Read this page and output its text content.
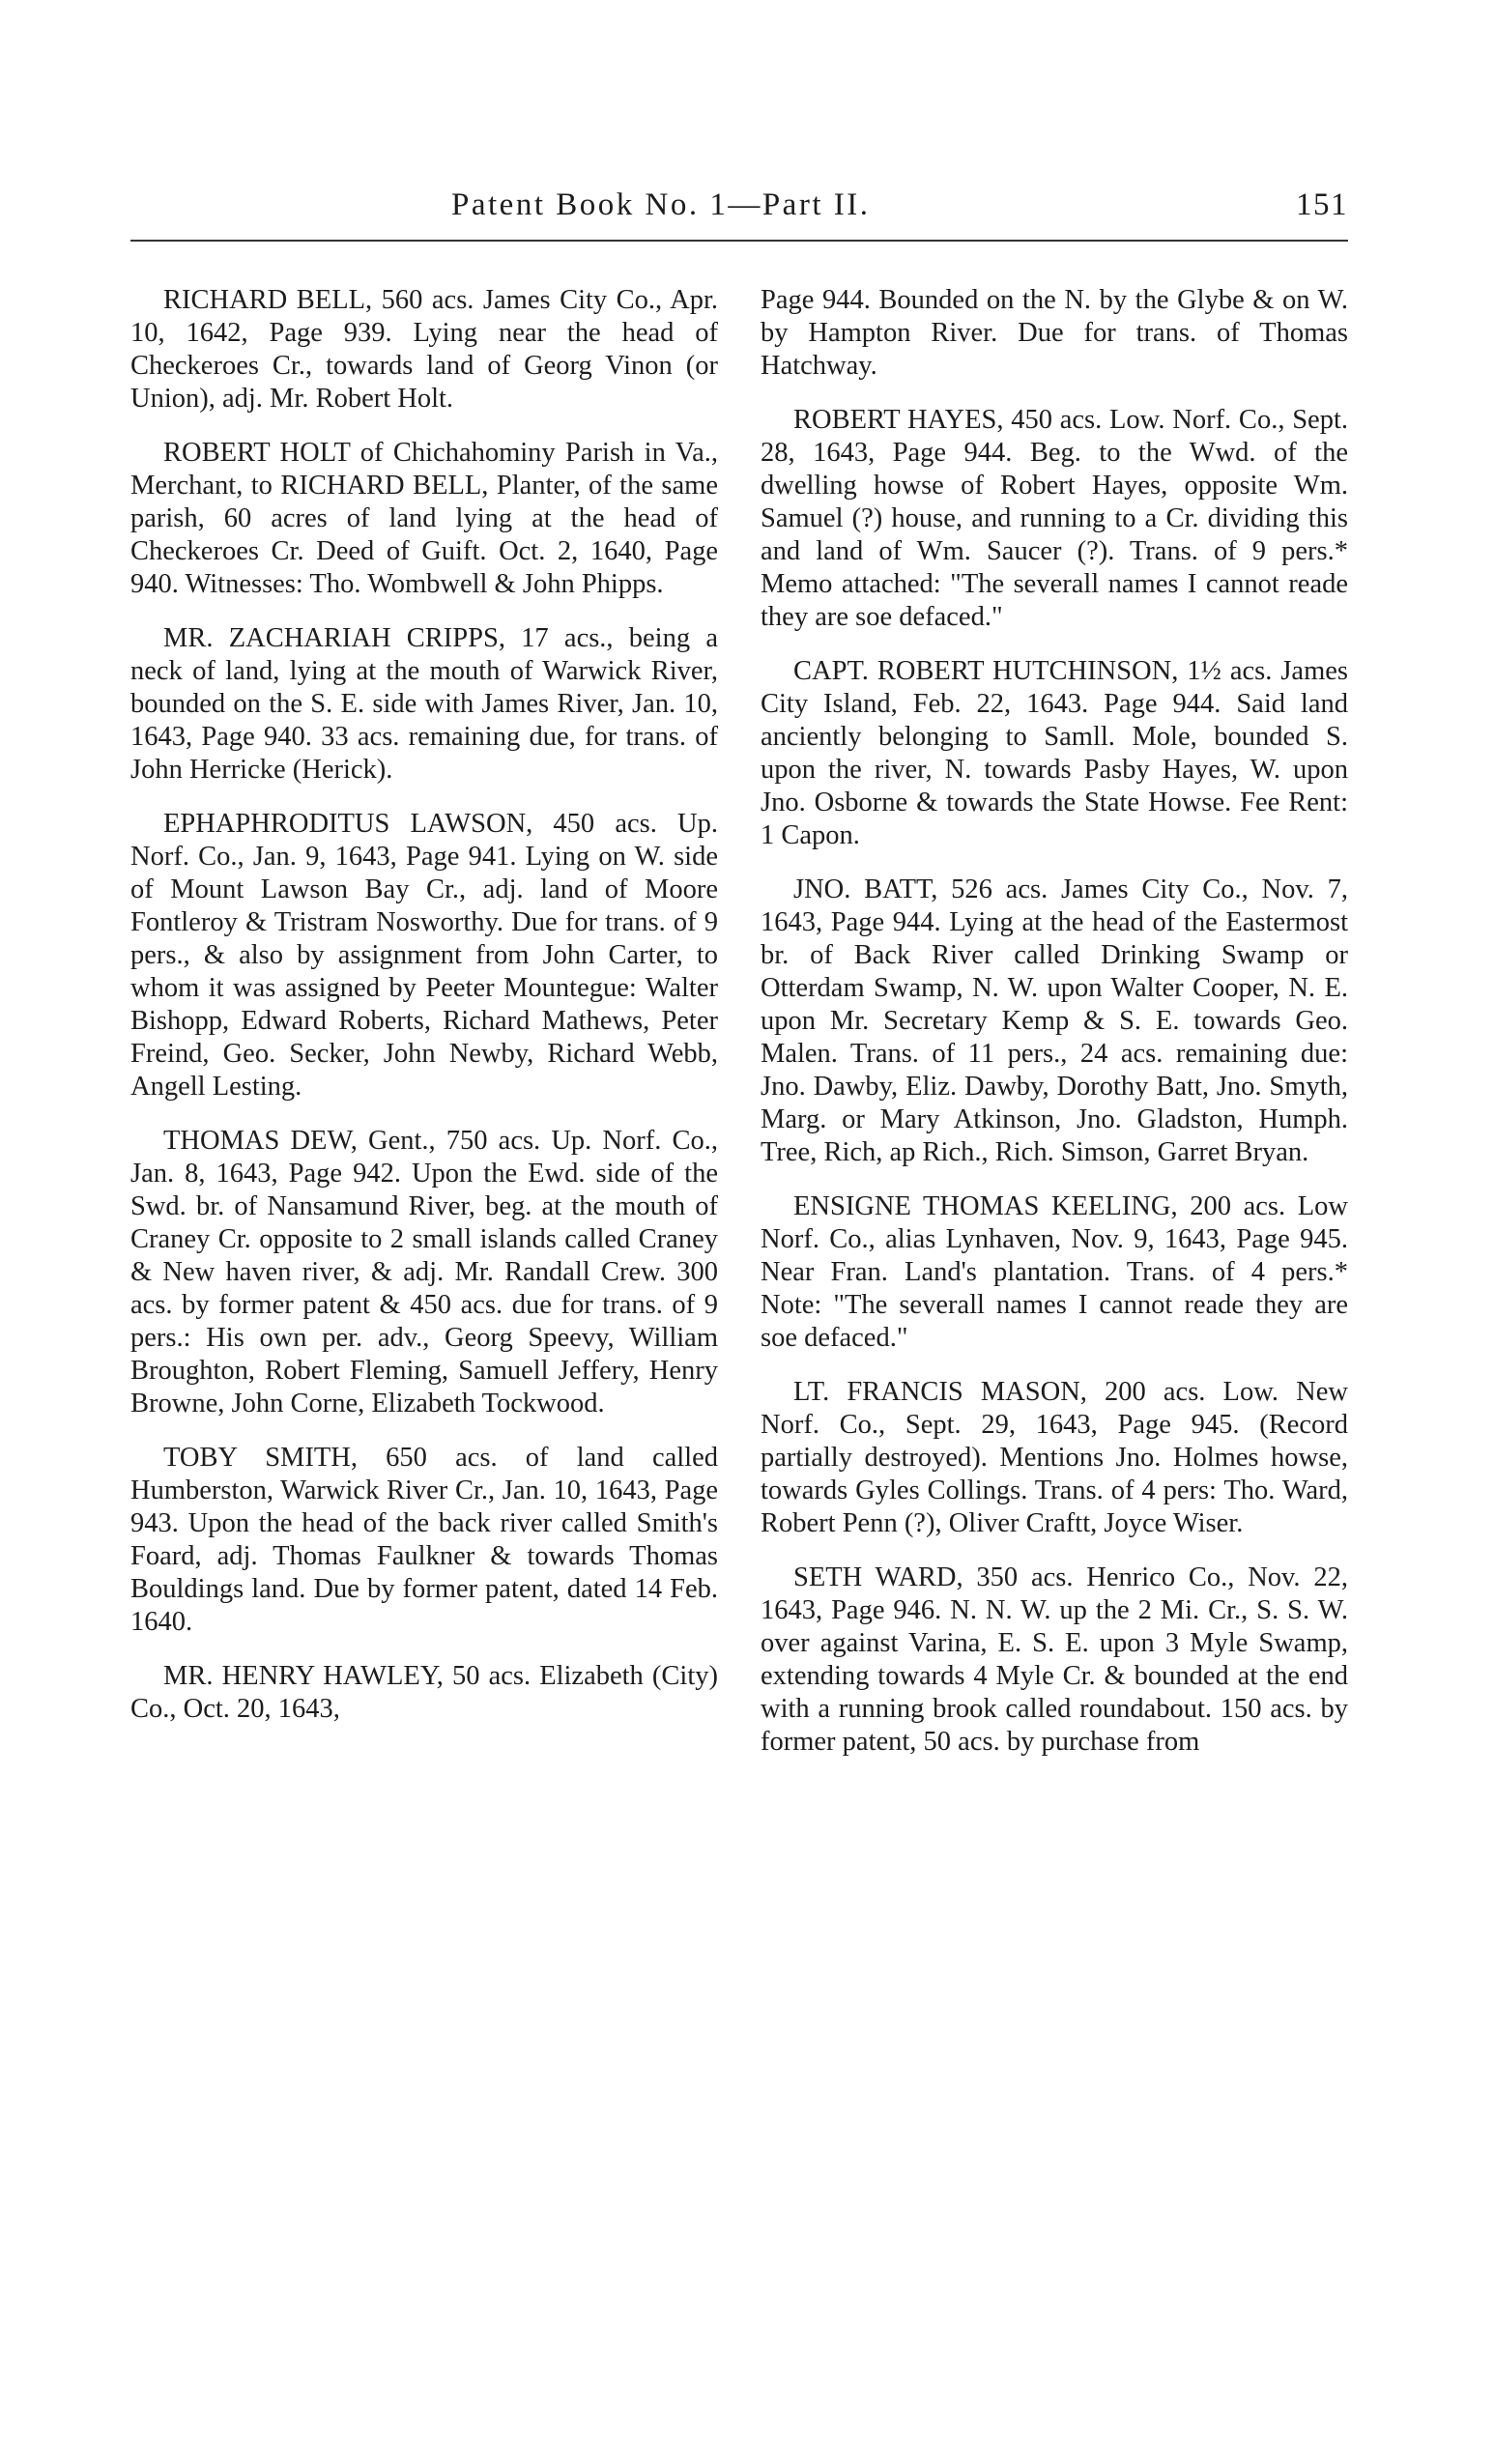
Patent Book No. 1—Part II.	151

RICHARD BELL, 560 acs. James City Co., Apr. 10, 1642, Page 939. Lying near the head of Checkeroes Cr., towards land of Georg Vinon (or Union), adj. Mr. Robert Holt.

ROBERT HOLT of Chichahominy Parish in Va., Merchant, to RICHARD BELL, Planter, of the same parish, 60 acres of land lying at the head of Checkeroes Cr. Deed of Guift. Oct. 2, 1640, Page 940. Witnesses: Tho. Wombwell & John Phipps.

MR. ZACHARIAH CRIPPS, 17 acs., being a neck of land, lying at the mouth of Warwick River, bounded on the S. E. side with James River, Jan. 10, 1643, Page 940. 33 acs. remaining due, for trans. of John Herricke (Herick).

EPHAPHRODITUS LAWSON, 450 acs. Up. Norf. Co., Jan. 9, 1643, Page 941. Lying on W. side of Mount Lawson Bay Cr., adj. land of Moore Fontleroy & Tristram Nosworthy. Due for trans. of 9 pers., & also by assignment from John Carter, to whom it was assigned by Peeter Mountegue: Walter Bishopp, Edward Roberts, Richard Mathews, Peter Freind, Geo. Secker, John Newby, Richard Webb, Angell Lesting.

THOMAS DEW, Gent., 750 acs. Up. Norf. Co., Jan. 8, 1643, Page 942. Upon the Ewd. side of the Swd. br. of Nansamund River, beg. at the mouth of Craney Cr. opposite to 2 small islands called Craney & New haven river, & adj. Mr. Randall Crew. 300 acs. by former patent & 450 acs. due for trans. of 9 pers.: His own per. adv., Georg Speevy, William Broughton, Robert Fleming, Samuell Jeffery, Henry Browne, John Corne, Elizabeth Tockwood.

TOBY SMITH, 650 acs. of land called Humberston, Warwick River Cr., Jan. 10, 1643, Page 943. Upon the head of the back river called Smith's Foard, adj. Thomas Faulkner & towards Thomas Bouldings land. Due by former patent, dated 14 Feb. 1640.

MR. HENRY HAWLEY, 50 acs. Elizabeth (City) Co., Oct. 20, 1643,

Page 944. Bounded on the N. by the Glybe & on W. by Hampton River. Due for trans. of Thomas Hatchway.

ROBERT HAYES, 450 acs. Low. Norf. Co., Sept. 28, 1643, Page 944. Beg. to the Wwd. of the dwelling howse of Robert Hayes, opposite Wm. Samuel (?) house, and running to a Cr. dividing this and land of Wm. Saucer (?). Trans. of 9 pers.* Memo attached: "The severall names I cannot reade they are soe defaced."

CAPT. ROBERT HUTCHINSON, 1½ acs. James City Island, Feb. 22, 1643. Page 944. Said land anciently belonging to Samll. Mole, bounded S. upon the river, N. towards Pasby Hayes, W. upon Jno. Osborne & towards the State Howse. Fee Rent: 1 Capon.

JNO. BATT, 526 acs. James City Co., Nov. 7, 1643, Page 944. Lying at the head of the Eastermost br. of Back River called Drinking Swamp or Otterdam Swamp, N. W. upon Walter Cooper, N. E. upon Mr. Secretary Kemp & S. E. towards Geo. Malen. Trans. of 11 pers., 24 acs. remaining due: Jno. Dawby, Eliz. Dawby, Dorothy Batt, Jno. Smyth, Marg. or Mary Atkinson, Jno. Gladston, Humph. Tree, Rich, ap Rich., Rich. Simson, Garret Bryan.

ENSIGNE THOMAS KEELING, 200 acs. Low Norf. Co., alias Lynhaven, Nov. 9, 1643, Page 945. Near Fran. Land's plantation. Trans. of 4 pers.* Note: "The severall names I cannot reade they are soe defaced."

LT. FRANCIS MASON, 200 acs. Low. New Norf. Co., Sept. 29, 1643, Page 945. (Record partially destroyed). Mentions Jno. Holmes howse, towards Gyles Collings. Trans. of 4 pers: Tho. Ward, Robert Penn (?), Oliver Craftt, Joyce Wiser.

SETH WARD, 350 acs. Henrico Co., Nov. 22, 1643, Page 946. N. N. W. up the 2 Mi. Cr., S. S. W. over against Varina, E. S. E. upon 3 Myle Swamp, extending towards 4 Myle Cr. & bounded at the end with a running brook called roundabout. 150 acs. by former patent, 50 acs. by purchase from
